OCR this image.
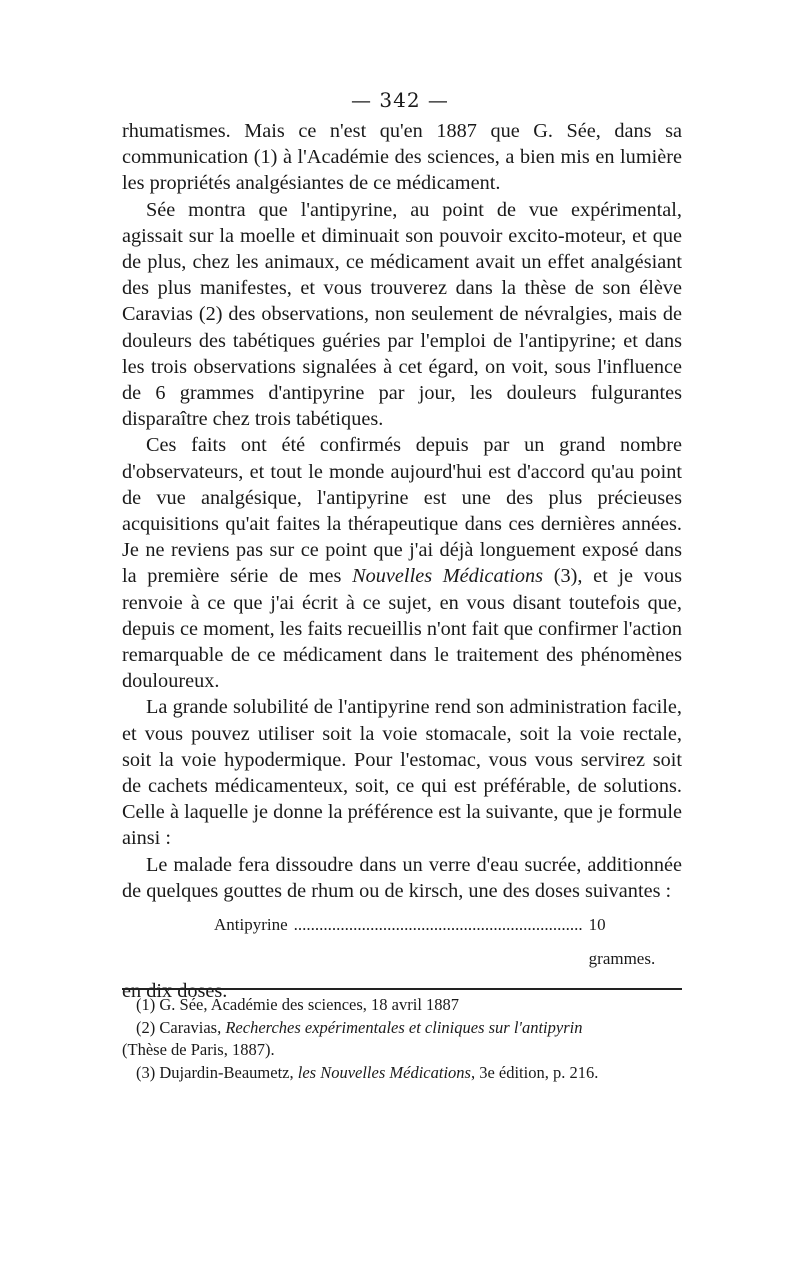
— 342 —

rhumatismes. Mais ce n'est qu'en 1887 que G. Sée, dans sa communication (1) à l'Académie des sciences, a bien mis en lumière les propriétés analgésiantes de ce médicament.

Sée montra que l'antipyrine, au point de vue expérimental, agissait sur la moelle et diminuait son pouvoir excito-moteur, et que de plus, chez les animaux, ce médicament avait un effet analgésiant des plus manifestes, et vous trouverez dans la thèse de son élève Caravias (2) des observations, non seulement de névralgies, mais de douleurs des tabétiques guéries par l'emploi de l'antipyrine; et dans les trois observations signalées à cet égard, on voit, sous l'influence de 6 grammes d'antipyrine par jour, les douleurs fulgurantes disparaître chez trois tabétiques.

Ces faits ont été confirmés depuis par un grand nombre d'observateurs, et tout le monde aujourd'hui est d'accord qu'au point de vue analgésique, l'antipyrine est une des plus précieuses acquisitions qu'ait faites la thérapeutique dans ces dernières années. Je ne reviens pas sur ce point que j'ai déjà longuement exposé dans la première série de mes Nouvelles Médications (3), et je vous renvoie à ce que j'ai écrit à ce sujet, en vous disant toutefois que, depuis ce moment, les faits recueillis n'ont fait que confirmer l'action remarquable de ce médicament dans le traitement des phénomènes douloureux.

La grande solubilité de l'antipyrine rend son administration facile, et vous pouvez utiliser soit la voie stomacale, soit la voie rectale, soit la voie hypodermique. Pour l'estomac, vous vous servirez soit de cachets médicamenteux, soit, ce qui est préférable, de solutions. Celle à laquelle je donne la préférence est la suivante, que je formule ainsi :

Le malade fera dissoudre dans un verre d'eau sucrée, additionnée de quelques gouttes de rhum ou de kirsch, une des doses suivantes :

Antipyrine .................................................................... 10 grammes.

en dix doses.

(1) G. Sée, Académie des sciences, 18 avril 1887

(2) Caravias, Recherches expérimentales et cliniques sur l'antipyrin

(Thèse de Paris, 1887).

(3) Dujardin-Beaumetz, les Nouvelles Médications, 3e édition, p. 216.
